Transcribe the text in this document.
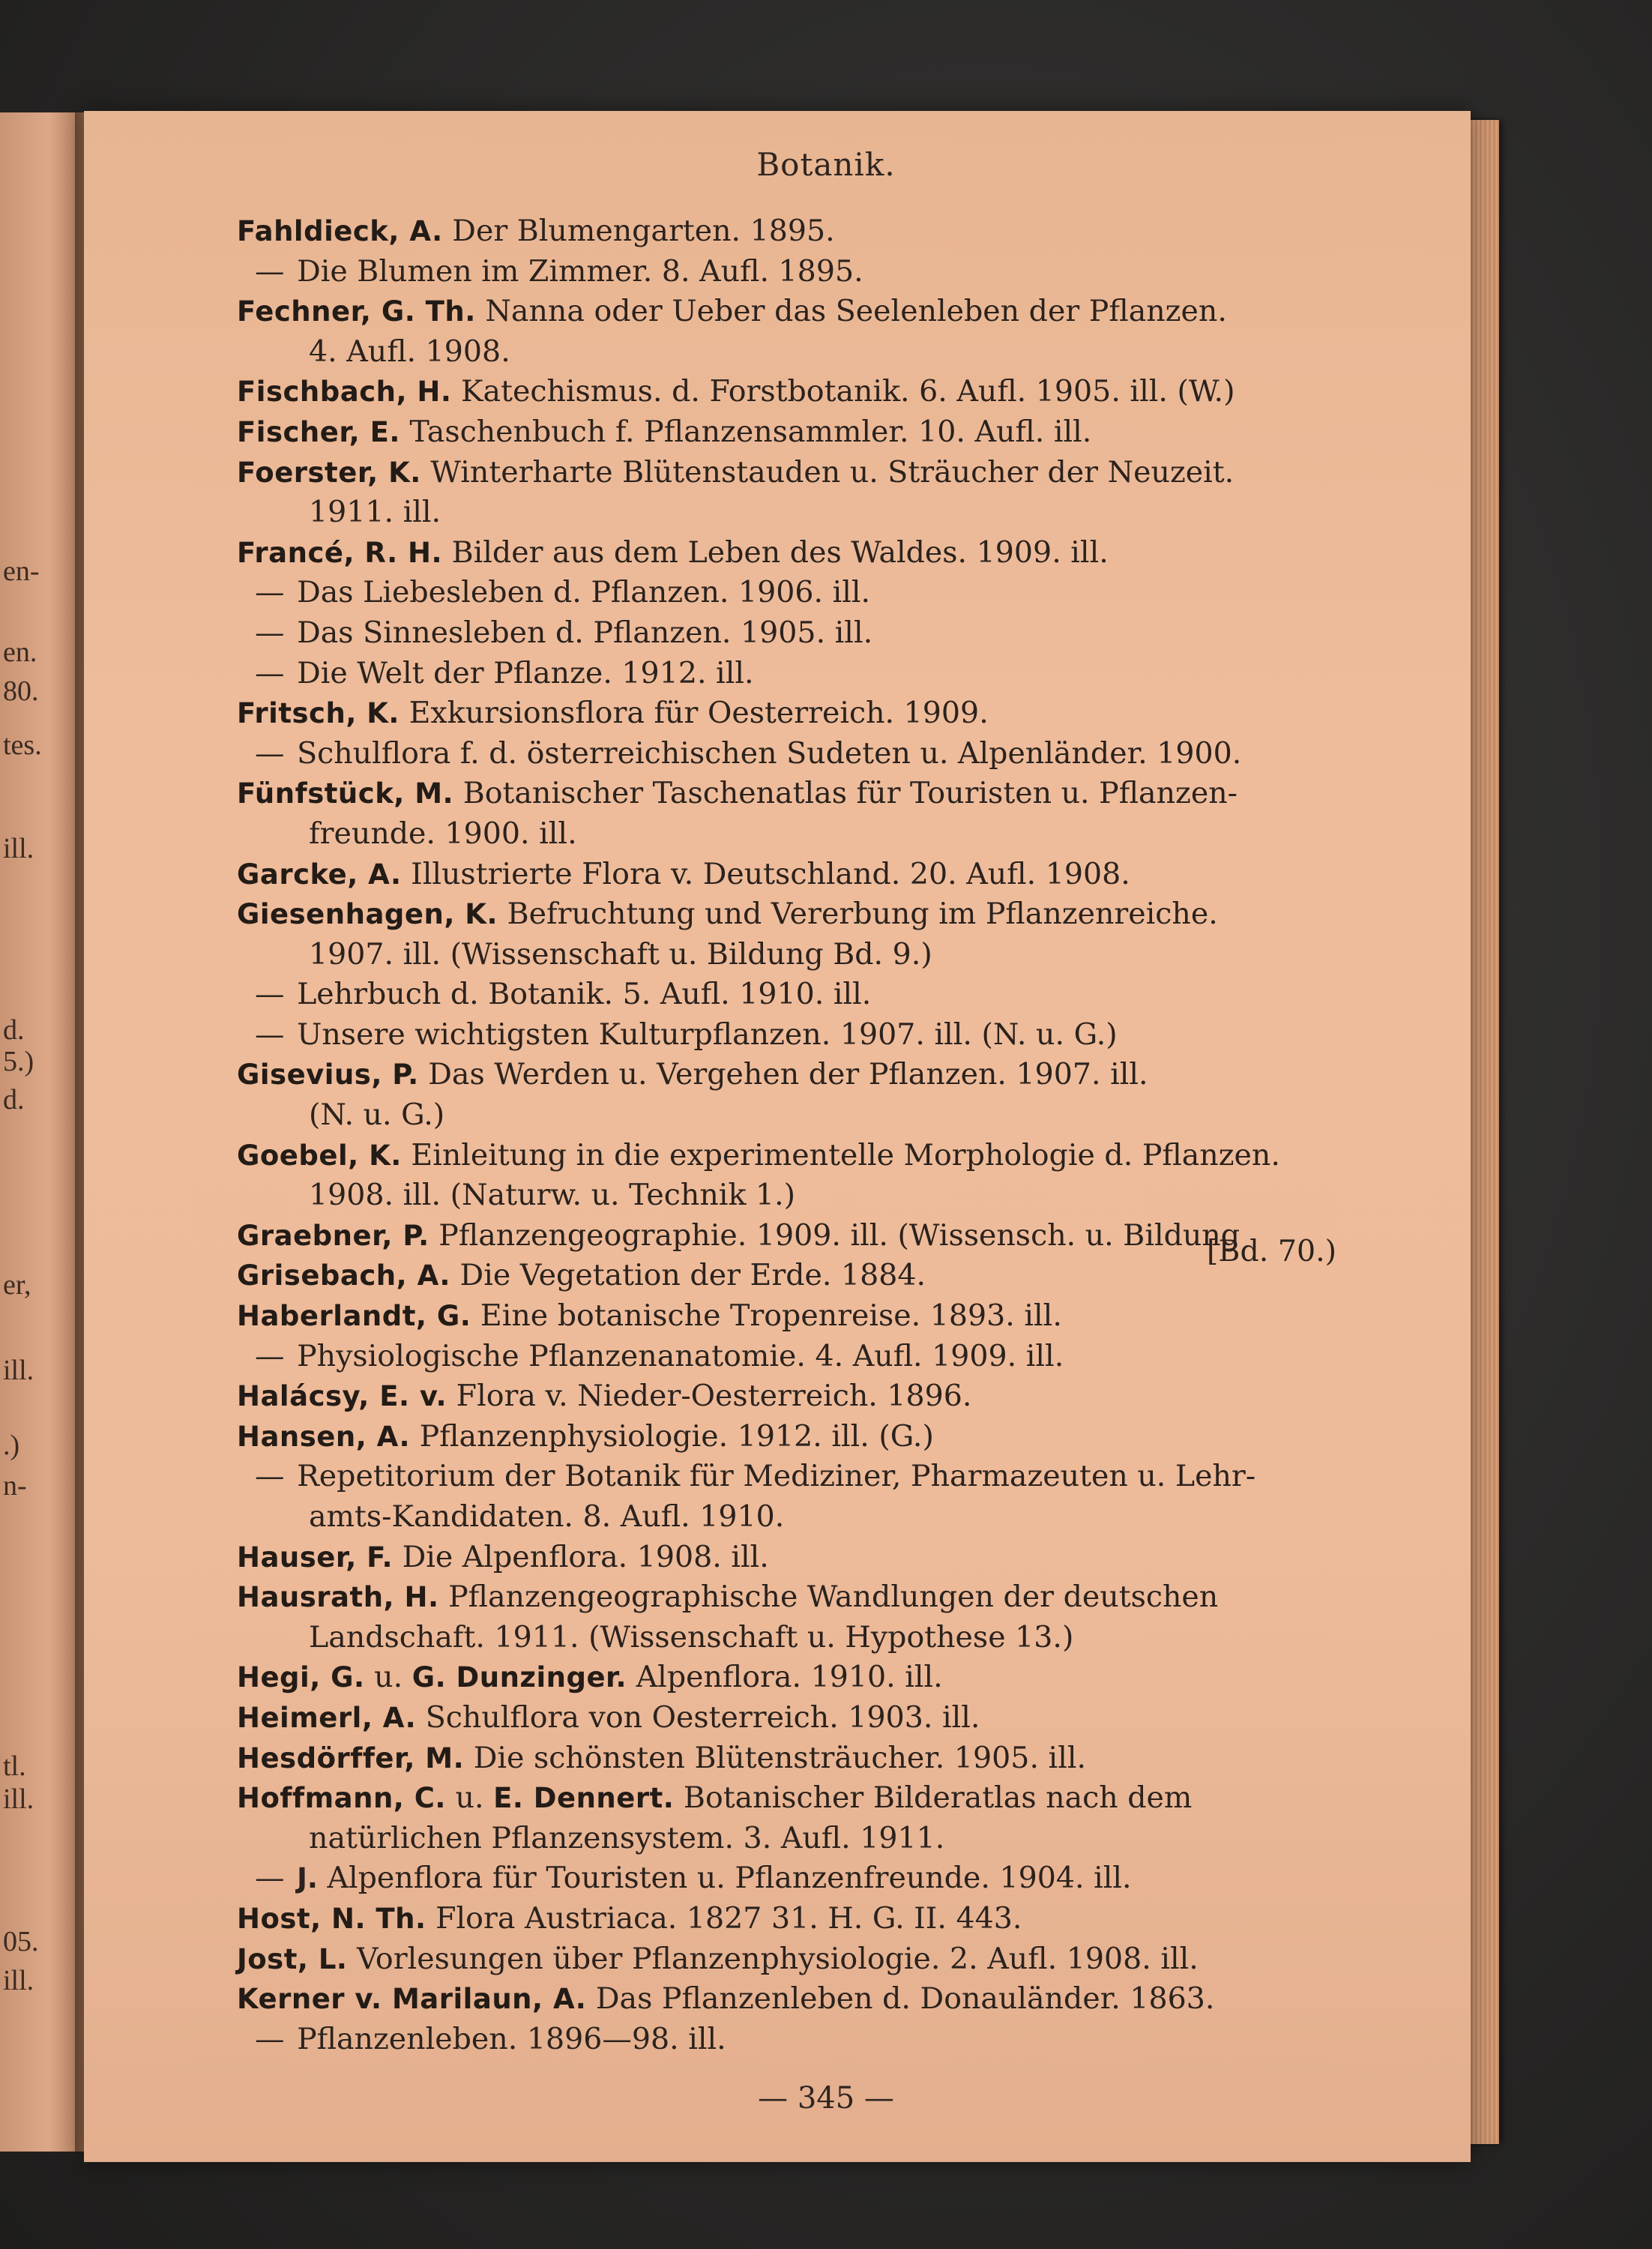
en-
en.
80.
tes.
ill.
d.
5.)
d.
er,
ill.
.)
n-
tl.
ill.
05.
ill.
Botanik.
Fahldieck, A. Der Blumengarten. 1895.
— Die Blumen im Zimmer. 8. Aufl. 1895.
Fechner, G. Th. Nanna oder Ueber das Seelenleben der Pflanzen.
4. Aufl. 1908.
Fischbach, H. Katechismus. d. Forstbotanik. 6. Aufl. 1905. ill. (W.)
Fischer, E. Taschenbuch f. Pflanzensammler. 10. Aufl. ill.
Foerster, K. Winterharte Blütenstauden u. Sträucher der Neuzeit.
1911. ill.
Francé, R. H. Bilder aus dem Leben des Waldes. 1909. ill.
— Das Liebesleben d. Pflanzen. 1906. ill.
— Das Sinnesleben d. Pflanzen. 1905. ill.
— Die Welt der Pflanze. 1912. ill.
Fritsch, K. Exkursionsflora für Oesterreich. 1909.
— Schulflora f. d. österreichischen Sudeten u. Alpenländer. 1900.
Fünfstück, M. Botanischer Taschenatlas für Touristen u. Pflanzen-
freunde. 1900. ill.
Garcke, A. Illustrierte Flora v. Deutschland. 20. Aufl. 1908.
Giesenhagen, K. Befruchtung und Vererbung im Pflanzenreiche.
1907. ill. (Wissenschaft u. Bildung Bd. 9.)
— Lehrbuch d. Botanik. 5. Aufl. 1910. ill.
— Unsere wichtigsten Kulturpflanzen. 1907. ill. (N. u. G.)
Gisevius, P. Das Werden u. Vergehen der Pflanzen. 1907. ill.
(N. u. G.)
Goebel, K. Einleitung in die experimentelle Morphologie d. Pflanzen.
1908. ill. (Naturw. u. Technik 1.)
Graebner, P. Pflanzengeographie. 1909. ill. (Wissensch. u. Bildung
Grisebach, A. Die Vegetation der Erde. 1884.
Haberlandt, G. Eine botanische Tropenreise. 1893. ill.
— Physiologische Pflanzenanatomie. 4. Aufl. 1909. ill.
Halácsy, E. v. Flora v. Nieder-Oesterreich. 1896.
Hansen, A. Pflanzenphysiologie. 1912. ill. (G.)
— Repetitorium der Botanik für Mediziner, Pharmazeuten u. Lehr-
amts-Kandidaten. 8. Aufl. 1910.
Hauser, F. Die Alpenflora. 1908. ill.
Hausrath, H. Pflanzengeographische Wandlungen der deutschen
Landschaft. 1911. (Wissenschaft u. Hypothese 13.)
Hegi, G. u. G. Dunzinger. Alpenflora. 1910. ill.
Heimerl, A. Schulflora von Oesterreich. 1903. ill.
Hesdörffer, M. Die schönsten Blütensträucher. 1905. ill.
Hoffmann, C. u. E. Dennert. Botanischer Bilderatlas nach dem
natürlichen Pflanzensystem. 3. Aufl. 1911.
— J. Alpenflora für Touristen u. Pflanzenfreunde. 1904. ill.
Host, N. Th. Flora Austriaca. 1827 31. H. G. II. 443.
Jost, L. Vorlesungen über Pflanzenphysiologie. 2. Aufl. 1908. ill.
Kerner v. Marilaun, A. Das Pflanzenleben d. Donauländer. 1863.
— Pflanzenleben. 1896—98. ill.
[Bd. 70.)
— 345 —
